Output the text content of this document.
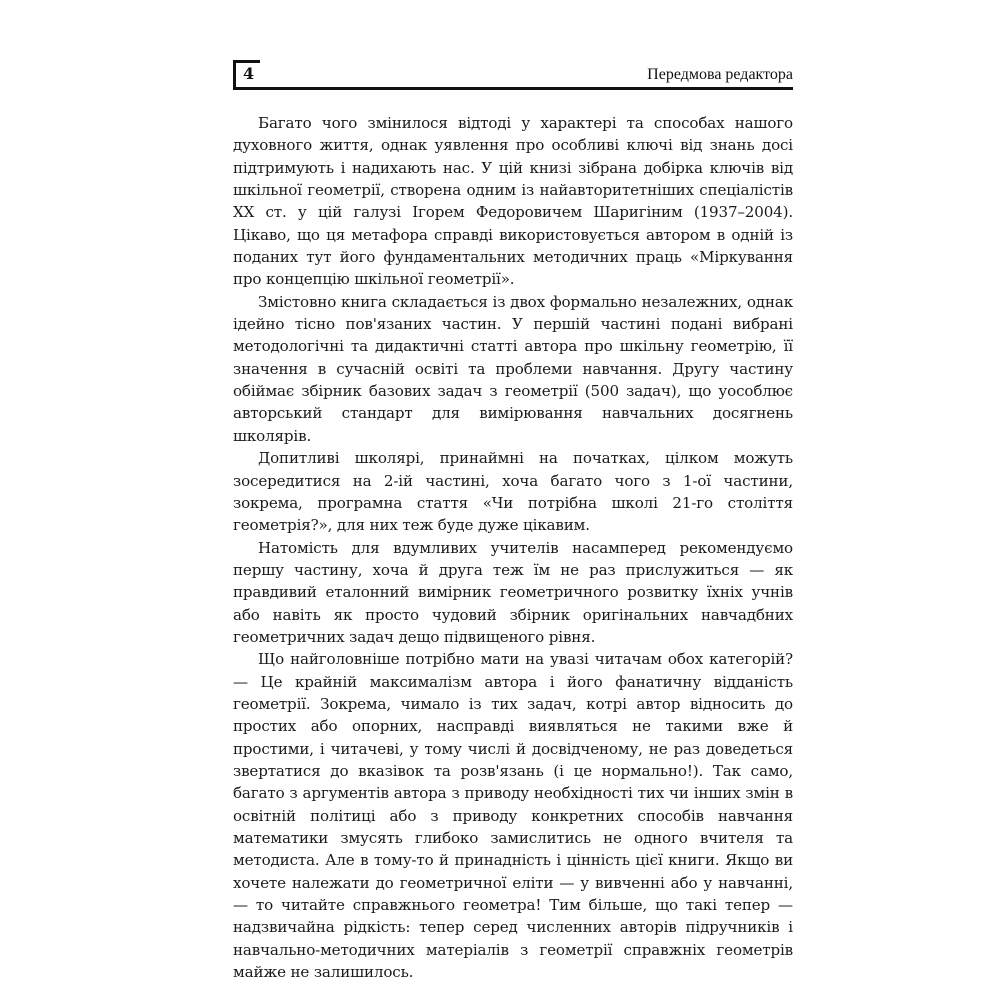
4	Передмова редактора

Багато чого змінилося відтоді у характері та способах нашого духовного життя, однак уявлення про особливі ключі від знань досі підтримують і надихають нас. У цій книзі зібрана добірка ключів від шкільної геометрії, створена одним із найавторитетніших спеціалістів ХХ ст. у цій галузі Ігорем Федоровичем Шаригіним (1937–2004). Цікаво, що ця метафора справді використовується автором в одній із поданих тут його фундаментальних методичних праць «Міркування про концепцію шкільної геометрії».

Змістовно книга складається із двох формально незалежних, однак ідейно тісно пов'язаних частин. У першій частині подані вибрані методологічні та дидактичні статті автора про шкільну геометрію, її значення в сучасній освіті та проблеми навчання. Другу частину обіймає збірник базових задач з геометрії (500 задач), що уособлює авторський стандарт для вимірювання навчальних досягнень школярів.

Допитливі школярі, принаймні на початках, цілком можуть зосередитися на 2-ій частині, хоча багато чого з 1-ої частини, зокрема, програмна стаття «Чи потрібна школі 21-го століття геометрія?», для них теж буде дуже цікавим.

Натомість для вдумливих учителів насамперед рекомендуємо першу частину, хоча й друга теж їм не раз прислужиться — як правдивий еталонний вимірник геометричного розвитку їхніх учнів або навіть як просто чудовий збірник оригінальних навчадбних геометричних задач дещо підвищеного рівня.

Що найголовніше потрібно мати на увазі читачам обох категорій? — Це крайній максималізм автора і його фанатичну відданість геометрії. Зокрема, чимало із тих задач, котрі автор відносить до простих або опорних, насправді виявляться не такими вже й простими, і читачеві, у тому числі й досвідченому, не раз доведеться звертатися до вказівок та розв'язань (і це нормально!). Так само, багато з аргументів автора з приводу необхідності тих чи інших змін в освітній політиці або з приводу конкретних способів навчання математики змусять глибоко замислитись не одного вчителя та методиста. Але в тому-то й принадність і цінність цієї книги. Якщо ви хочете належати до геометричної еліти — у вивченні або у навчанні, — то читайте справжнього геометра! Тим більше, що такі тепер — надзвичайна рідкість: тепер серед численних авторів підручників і навчально-методичних матеріалів з геометрії справжніх геометрів майже не залишилось.
